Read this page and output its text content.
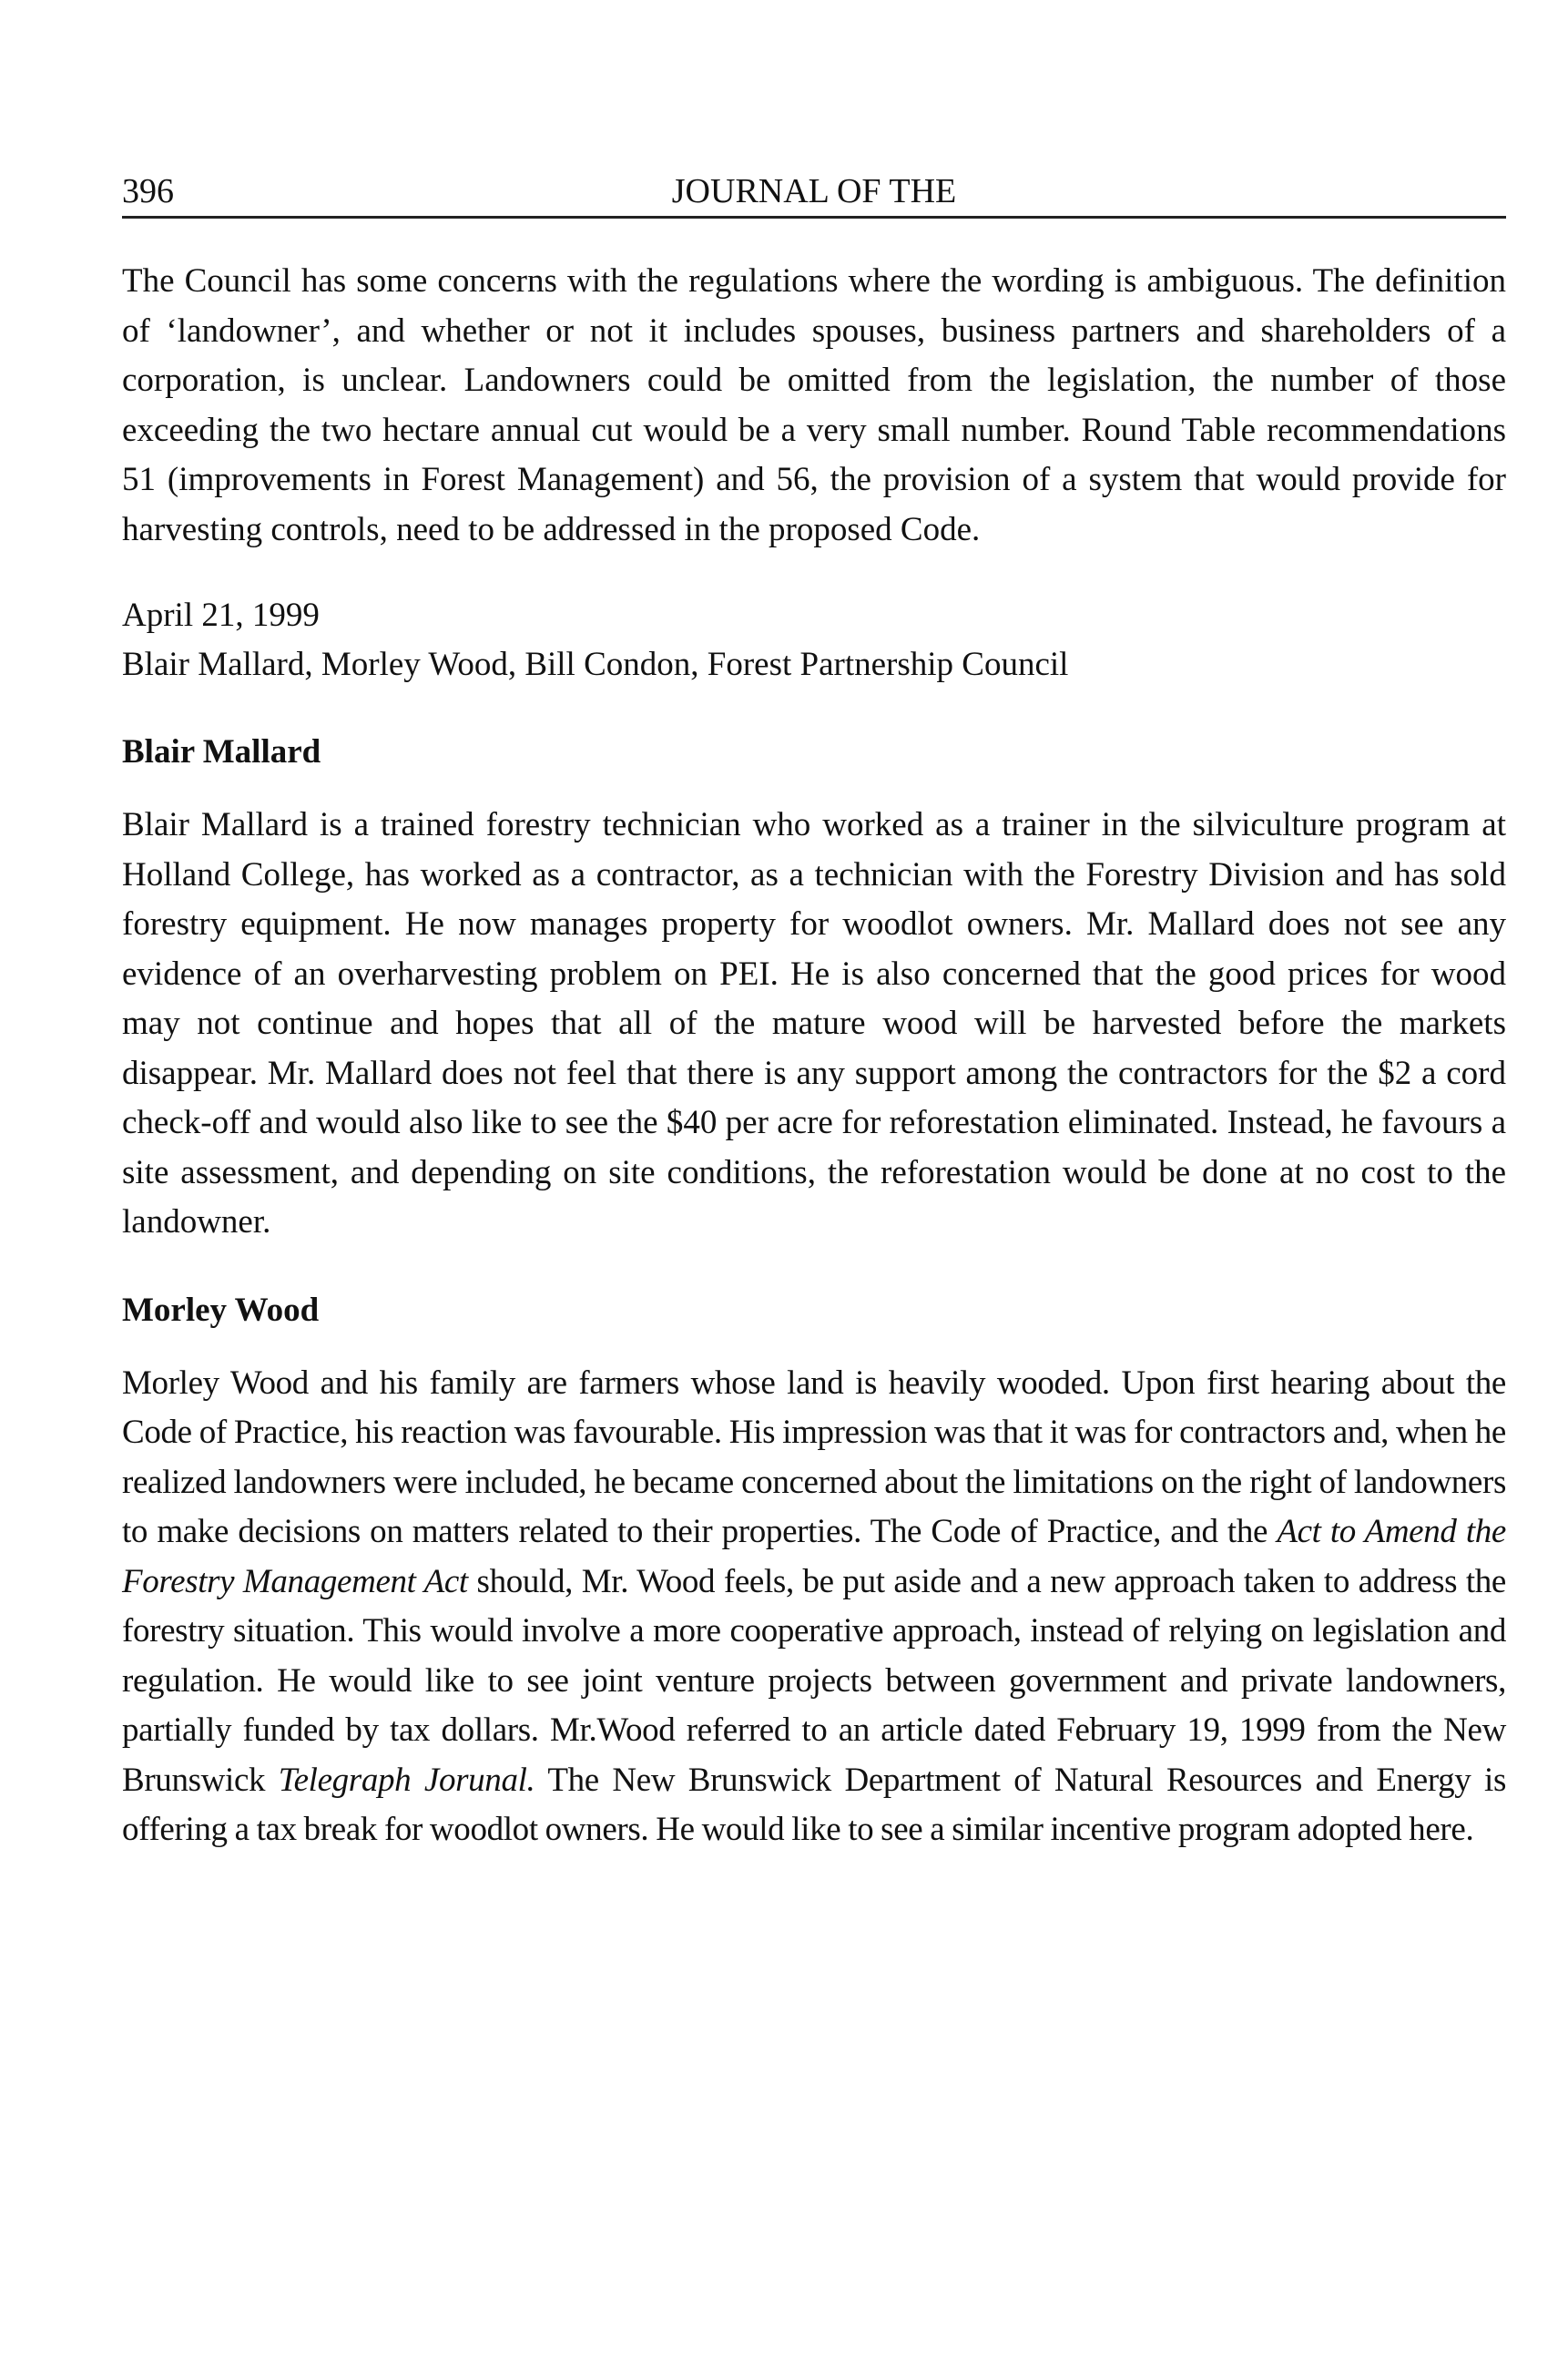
396	JOURNAL OF THE

The Council has some concerns with the regulations where the wording is ambiguous. The definition of ‘landowner’, and whether or not it includes spouses, business partners and shareholders of a corporation, is unclear. Landowners could be omitted from the legislation, the number of those exceeding the two hectare annual cut would be a very small number. Round Table recommendations 51 (improvements in Forest Management) and 56, the provision of a system that would provide for harvesting controls, need to be addressed in the proposed Code.

April 21, 1999
Blair Mallard, Morley Wood, Bill Condon, Forest Partnership Council
Blair Mallard

Blair Mallard is a trained forestry technician who worked as a trainer in the silviculture program at Holland College, has worked as a contractor, as a technician with the Forestry Division and has sold forestry equipment. He now manages property for woodlot owners. Mr. Mallard does not see any evidence of an overharvesting problem on PEI. He is also concerned that the good prices for wood may not continue and hopes that all of the mature wood will be harvested before the markets disappear. Mr. Mallard does not feel that there is any support among the contractors for the $2 a cord check-off and would also like to see the $40 per acre for reforestation eliminated. Instead, he favours a site assessment, and depending on site conditions, the reforestation would be done at no cost to the landowner.

Morley Wood

Morley Wood and his family are farmers whose land is heavily wooded. Upon first hearing about the Code of Practice, his reaction was favourable. His impression was that it was for contractors and, when he realized landowners were included, he became concerned about the limitations on the right of landowners to make decisions on matters related to their properties. The Code of Practice, and the Act to Amend the Forestry Management Act should, Mr. Wood feels, be put aside and a new approach taken to address the forestry situation. This would involve a more cooperative approach, instead of relying on legislation and regulation. He would like to see joint venture projects between government and private landowners, partially funded by tax dollars. Mr.Wood referred to an article dated February 19, 1999 from the New Brunswick Telegraph Jorunal. The New Brunswick Department of Natural Resources and Energy is offering a tax break for woodlot owners. He would like to see a similar incentive program adopted here.
